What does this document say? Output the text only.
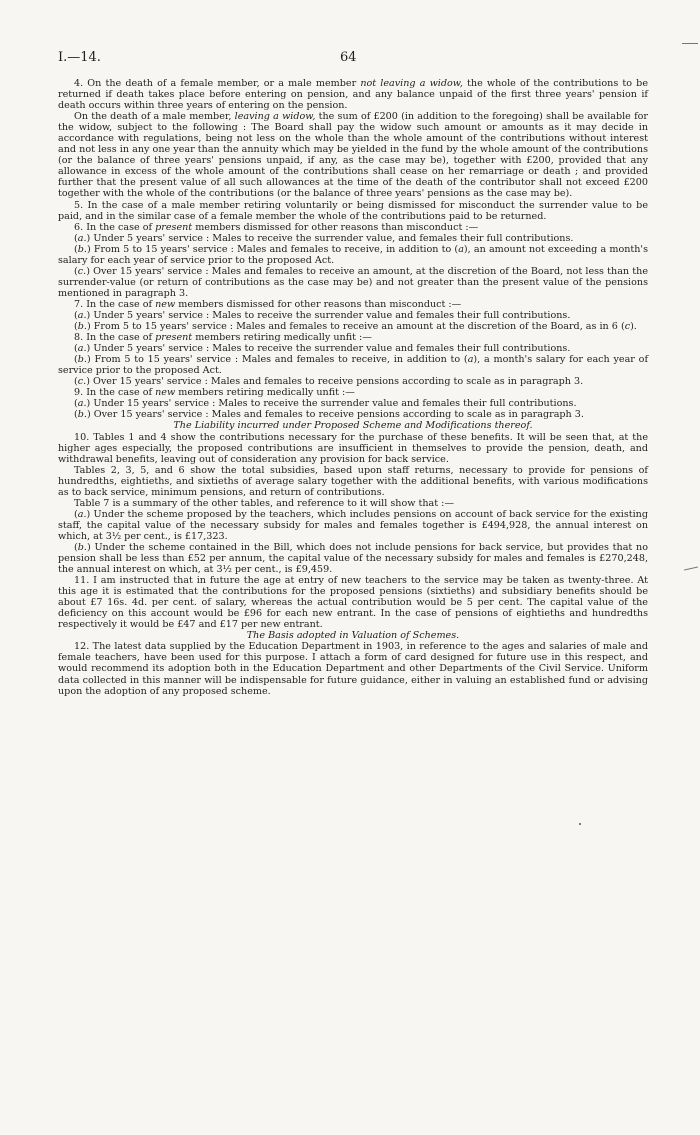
I.—14.	64

4. On the death of a female member, or a male member not leaving a widow, the whole of the contributions to be returned if death takes place before entering on pension, and any balance unpaid of the first three years' pension if death occurs within three years of entering on the pension.

On the death of a male member, leaving a widow, the sum of £200 (in addition to the foregoing) shall be available for the widow, subject to the following : The Board shall pay the widow such amount or amounts as it may decide in accordance with regulations, being not less on the whole than the whole amount of the contributions without interest and not less in any one year than the annuity which may be yielded in the fund by the whole amount of the contributions (or the balance of three years' pensions unpaid, if any, as the case may be), together with £200, provided that any allowance in excess of the whole amount of the contributions shall cease on her remarriage or death ; and provided further that the present value of all such allowances at the time of the death of the contributor shall not exceed £200 together with the whole of the contributions (or the balance of three years' pensions as the case may be).

5. In the case of a male member retiring voluntarily or being dismissed for misconduct the surrender value to be paid, and in the similar case of a female member the whole of the contributions paid to be returned.

6. In the case of present members dismissed for other reasons than misconduct :—

(a.) Under 5 years' service : Males to receive the surrender value, and females their full contributions.

(b.) From 5 to 15 years' service : Males and females to receive, in addition to (a), an amount not exceeding a month's salary for each year of service prior to the proposed Act.

(c.) Over 15 years' service : Males and females to receive an amount, at the discretion of the Board, not less than the surrender-value (or return of contributions as the case may be) and not greater than the present value of the pensions mentioned in paragraph 3.

7. In the case of new members dismissed for other reasons than misconduct :—

(a.) Under 5 years' service : Males to receive the surrender value and females their full contributions.

(b.) From 5 to 15 years' service : Males and females to receive an amount at the discretion of the Board, as in 6 (c).

8. In the case of present members retiring medically unfit :—

(a.) Under 5 years' service : Males to receive the surrender value and females their full contributions.

(b.) From 5 to 15 years' service : Males and females to receive, in addition to (a), a month's salary for each year of service prior to the proposed Act.

(c.) Over 15 years' service : Males and females to receive pensions according to scale as in paragraph 3.

9. In the case of new members retiring medically unfit :—

(a.) Under 15 years' service : Males to receive the surrender value and females their full contributions.

(b.) Over 15 years' service : Males and females to receive pensions according to scale as in paragraph 3.

The Liability incurred under Proposed Scheme and Modifications thereof.

10. Tables 1 and 4 show the contributions necessary for the purchase of these benefits. It will be seen that, at the higher ages especially, the proposed contributions are insufficient in themselves to provide the pension, death, and withdrawal benefits, leaving out of consideration any provision for back service.

Tables 2, 3, 5, and 6 show the total subsidies, based upon staff returns, necessary to provide for pensions of hundredths, eightieths, and sixtieths of average salary together with the additional benefits, with various modifications as to back service, minimum pensions, and return of contributions.

Table 7 is a summary of the other tables, and reference to it will show that :—

(a.) Under the scheme proposed by the teachers, which includes pensions on account of back service for the existing staff, the capital value of the necessary subsidy for males and females together is £494,928, the annual interest on which, at 3½ per cent., is £17,323.

(b.) Under the scheme contained in the Bill, which does not include pensions for back service, but provides that no pension shall be less than £52 per annum, the capital value of the necessary subsidy for males and females is £270,248, the annual interest on which, at 3½ per cent., is £9,459.

11. I am instructed that in future the age at entry of new teachers to the service may be taken as twenty-three. At this age it is estimated that the contributions for the proposed pensions (sixtieths) and subsidiary benefits should be about £7 16s. 4d. per cent. of salary, whereas the actual contribution would be 5 per cent. The capital value of the deficiency on this account would be £96 for each new entrant. In the case of pensions of eightieths and hundredths respectively it would be £47 and £17 per new entrant.

The Basis adopted in Valuation of Schemes.

12. The latest data supplied by the Education Department in 1903, in reference to the ages and salaries of male and female teachers, have been used for this purpose. I attach a form of card designed for future use in this respect, and would recommend its adoption both in the Education Department and other Departments of the Civil Service. Uniform data collected in this manner will be indispensable for future guidance, either in valuing an established fund or advising upon the adoption of any proposed scheme.
